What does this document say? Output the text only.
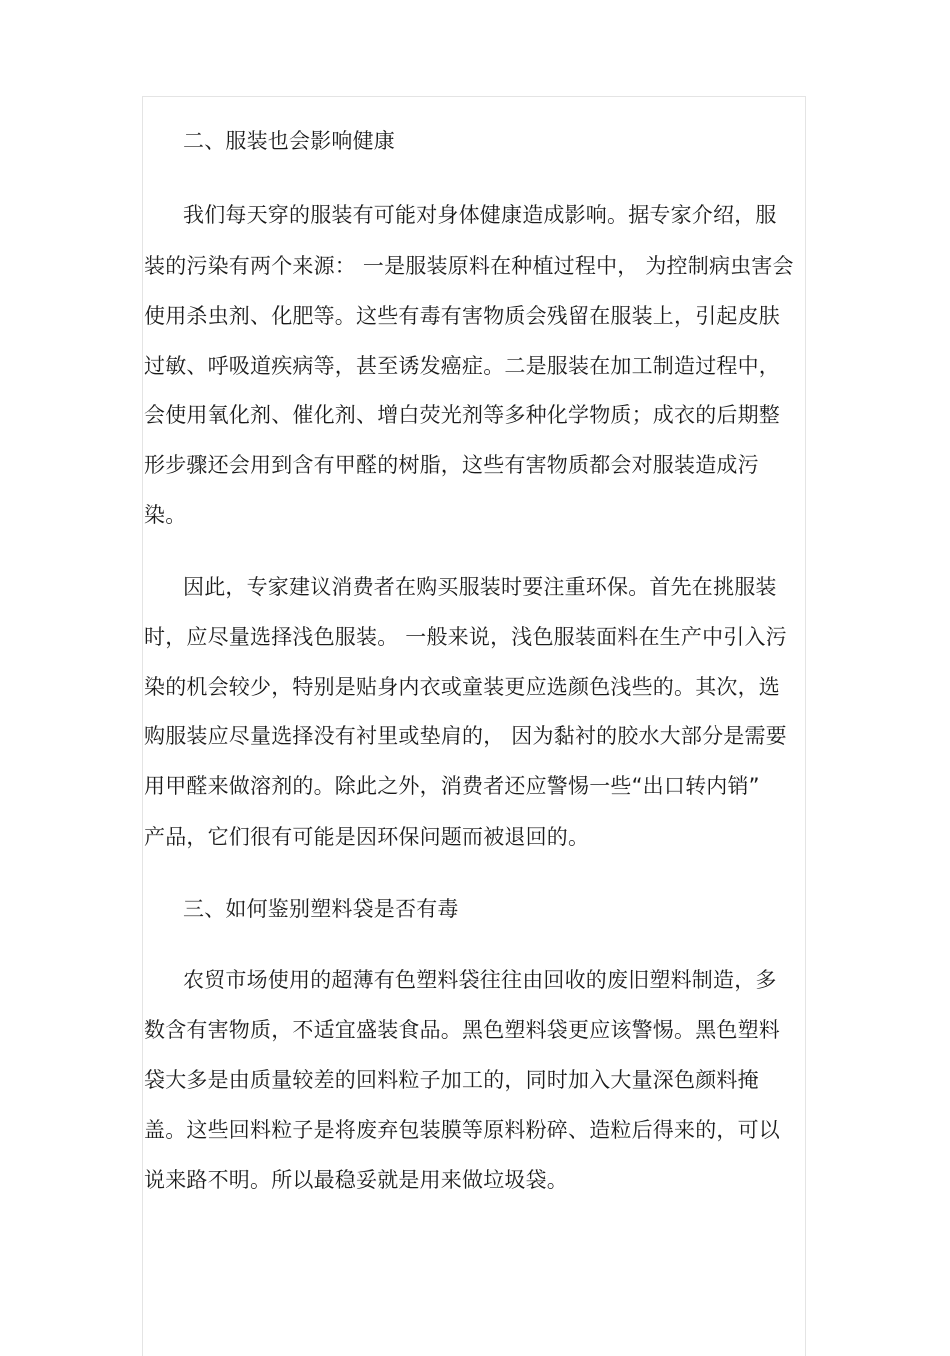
二、服装也会影响健康
我们每天穿的服装有可能对身体健康造成影响。据专家介绍，服
装的污染有两个来源： 一是服装原料在种植过程中， 为控制病虫害会
使用杀虫剂、化肥等。这些有毒有害物质会残留在服装上，引起皮肤
过敏、呼吸道疾病等，甚至诱发癌症。二是服装在加工制造过程中，
会使用氧化剂、催化剂、增白荧光剂等多种化学物质；成衣的后期整
形步骤还会用到含有甲醛的树脂，这些有害物质都会对服装造成污
染。
因此，专家建议消费者在购买服装时要注重环保。首先在挑服装
时，应尽量选择浅色服装。 一般来说，浅色服装面料在生产中引入污
染的机会较少，特别是贴身内衣或童装更应选颜色浅些的。其次，选
购服装应尽量选择没有衬里或垫肩的， 因为黏衬的胶水大部分是需要
用甲醛来做溶剂的。除此之外，消费者还应警惕一些“出口转内销”
产品，它们很有可能是因环保问题而被退回的。
三、如何鉴别塑料袋是否有毒
农贸市场使用的超薄有色塑料袋往往由回收的废旧塑料制造，多
数含有害物质，不适宜盛装食品。黑色塑料袋更应该警惕。黑色塑料
袋大多是由质量较差的回料粒子加工的，同时加入大量深色颜料掩
盖。这些回料粒子是将废弃包装膜等原料粉碎、造粒后得来的，可以
说来路不明。所以最稳妥就是用来做垃圾袋。
